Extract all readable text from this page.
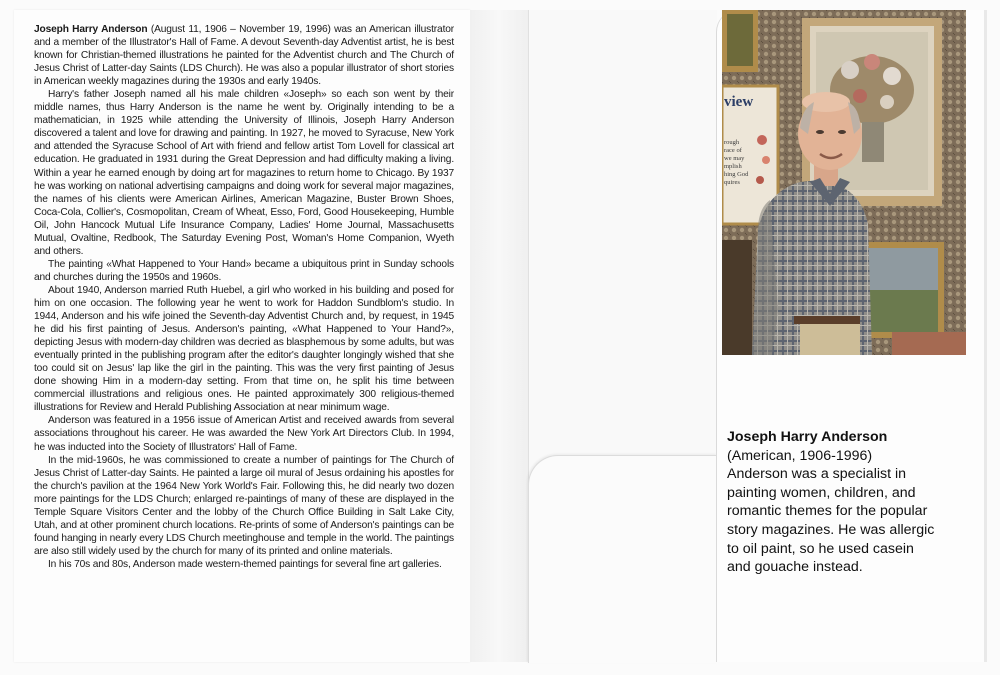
Joseph Harry Anderson (August 11, 1906 – November 19, 1996) was an American illustrator and a member of the Illustrator's Hall of Fame. A devout Seventh-day Adventist artist, he is best known for Christian-themed illustrations he painted for the Adventist church and The Church of Jesus Christ of Latter-day Saints (LDS Church). He was also a popular illustrator of short stories in American weekly magazines during the 1930s and early 1940s.

Harry's father Joseph named all his male children «Joseph» so each son went by their middle names, thus Harry Anderson is the name he went by. Originally intending to be a mathematician, in 1925 while attending the University of Illinois, Joseph Harry Anderson discovered a talent and love for drawing and painting. In 1927, he moved to Syracuse, New York and attended the Syracuse School of Art with friend and fellow artist Tom Lovell for classical art education. He graduated in 1931 during the Great Depression and had difficulty making a living. Within a year he earned enough by doing art for magazines to return home to Chicago. By 1937 he was working on national advertising campaigns and doing work for several major magazines, the names of his clients were American Airlines, American Magazine, Buster Brown Shoes, Coca-Cola, Collier's, Cosmopolitan, Cream of Wheat, Esso, Ford, Good Housekeeping, Humble Oil, John Hancock Mutual Life Insurance Company, Ladies' Home Journal, Massachusetts Mutual, Ovaltine, Redbook, The Saturday Evening Post, Woman's Home Companion, Wyeth and others.

The painting «What Happened to Your Hand» became a ubiquitous print in Sunday schools and churches during the 1950s and 1960s.

About 1940, Anderson married Ruth Huebel, a girl who worked in his building and posed for him on one occasion. The following year he went to work for Haddon Sundblom's studio. In 1944, Anderson and his wife joined the Seventh-day Adventist Church and, by request, in 1945 he did his first painting of Jesus. Anderson's painting, «What Happened to Your Hand?», depicting Jesus with modern-day children was decried as blasphemous by some adults, but was eventually printed in the publishing program after the editor's daughter longingly wished that she too could sit on Jesus' lap like the girl in the painting. This was the very first painting of Jesus done showing Him in a modern-day setting. From that time on, he split his time between commercial illustrations and religious ones. He painted approximately 300 religious-themed illustrations for Review and Herald Publishing Association at near minimum wage.

Anderson was featured in a 1956 issue of American Artist and received awards from several associations throughout his career. He was awarded the New York Art Directors Club. In 1994, he was inducted into the Society of Illustrators' Hall of Fame.

In the mid-1960s, he was commissioned to create a number of paintings for The Church of Jesus Christ of Latter-day Saints. He painted a large oil mural of Jesus ordaining his apostles for the church's pavilion at the 1964 New York World's Fair. Following this, he did nearly two dozen more paintings for the LDS Church; enlarged re-paintings of many of these are displayed in the Temple Square Visitors Center and the lobby of the Church Office Building in Salt Lake City, Utah, and at other prominent church locations. Re-prints of some of Anderson's paintings can be found hanging in nearly every LDS Church meetinghouse and temple in the world. The paintings are also still widely used by the church for many of its printed and online materials.

In his 70s and 80s, Anderson made western-themed paintings for several fine art galleries.

view
rough
race of
we may
mplish
hing God
quires
Joseph Harry Anderson
(American, 1906-1996)
Anderson was a specialist in
painting women, children, and
romantic themes for the popular
story magazines. He was allergic
to oil paint, so he used casein
and gouache instead.
